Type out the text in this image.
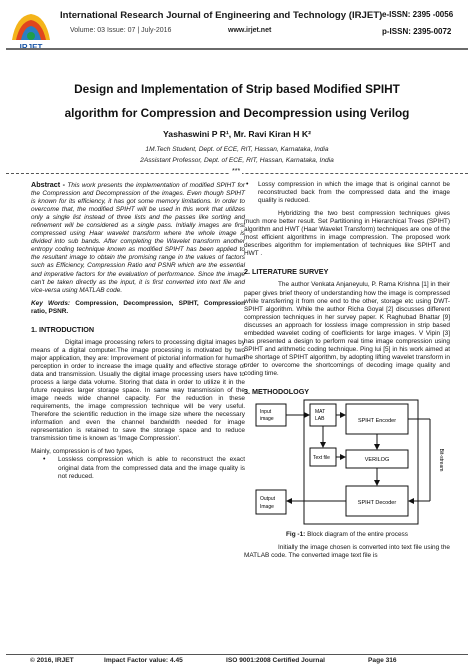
International Research Journal of Engineering and Technology (IRJET) e-ISSN: 2395 -0056
Volume: 03 Issue: 07 | July-2016	www.irjet.net	p-ISSN: 2395-0072
Design and Implementation of Strip based Modified SPIHT
algorithm for Compression and Decompression using Verilog
Yashaswini P R¹, Mr. Ravi Kiran H K²
1M.Tech Student, Dept. of ECE, RIT, Hassan, Karnataka, India
2Assistant Professor, Dept. of ECE, RIT, Hassan, Karnataka, India
***

Abstract - This work presents the implementation of modified SPIHT for the Compression and Decompression of the images. Even though SPIHT is known for its efficiency, it has got some memory limitations. In order to overcome that, the modified SPIHT will be used in this work that utilizes only a single list instead of three lists and the passes like sorting and refinement will be considered as a single pass. Initially images are first compressed using Haar wavelet transform where the whole image is divided into sub bands. After completing the Wavelet transform another entropy coding technique known as modified SPIHT has been applied to the resultant image to obtain the promising range in the values of factors such as Efficiency, Compression Ratio and PSNR which are the essential and imperative factors for the evaluation of performance. Since the image can't be taken directly as the input, it is first converted into text file and vice-versa using MATLAB code.

Key Words: Compression, Decompression, SPIHT, Compression ratio, PSNR.

1. INTRODUCTION

Digital image processing refers to processing digital images by means of a digital computer.The image processing is motivated by two major application, they are: Improvement of pictorial information for human perception in order to increase the image quality and effective storage of data and transmission. Usually the digital image processing users have to process a large data volume. Storing that data in order to utilize it in the future requires larger storage space. In same way transmission of the image needs wide channel capacity. For the reduction in these requirements, the image compression technique will be very useful. Therefore the scientific reduction in the image size where the necessary information and even the channel bandwidth needed for image representation is retained to save the storage space and to reduce transmission time is known as ‘Image Compression’.

Mainly, compression is of two types,

• Lossless compression which is able to reconstruct the exact original data from the compressed data and the image quality is not reduced.

• Lossy compression in which the image that is original cannot be reconstructed back from the compressed data and the image quality is reduced.

Hybridizing the two best compression techniques gives much more better result. Set Partitioning in Hierarchical Trees (SPIHT) algorithm and HWT (Haar Wavelet Transform) techniques are one of the most efficient algorithms in image compression. The proposed work describes algorithm for implementation of techniques like SPIHT and HWT .

2. LITERATURE SURVEY

The author Venkata Anjaneyulu, P. Rama Krishna [1] in their paper gives brief theory of understanding how the image is compressed while transferring it from one end to the other, storage etc using DWT-SPIHT algorithm. While the author Richa Goyal [2] discusses different compression techniques in her survey paper. K Raghubad Bhattar [9] discusses an approach for lossless image compression in strip based embedded wavelet coding of coefficients for large images. V Vipin [3] has presented a design to perform real time image compression using SPIHT and arithmetic coding technique. Ping lui [5] in his work aimed at the shortage of SPIHT algorithm, by adopting lifting wavelet transform in order to overcome the shortcomings of decoding image quality and coding time.

3. METHODOLOGY

Input
image
MAT
LAB	SPIHT Encoder
Text file	VERILOG
SPIHT Decoder
Output
Image
Bit-stream

Fig -1: Block diagram of the entire process

Initially the image chosen is converted into text file using the MATLAB code. The converted image text file is

© 2016, IRJET	Impact Factor value: 4.45	ISO 9001:2008 Certified Journal	Page 316
